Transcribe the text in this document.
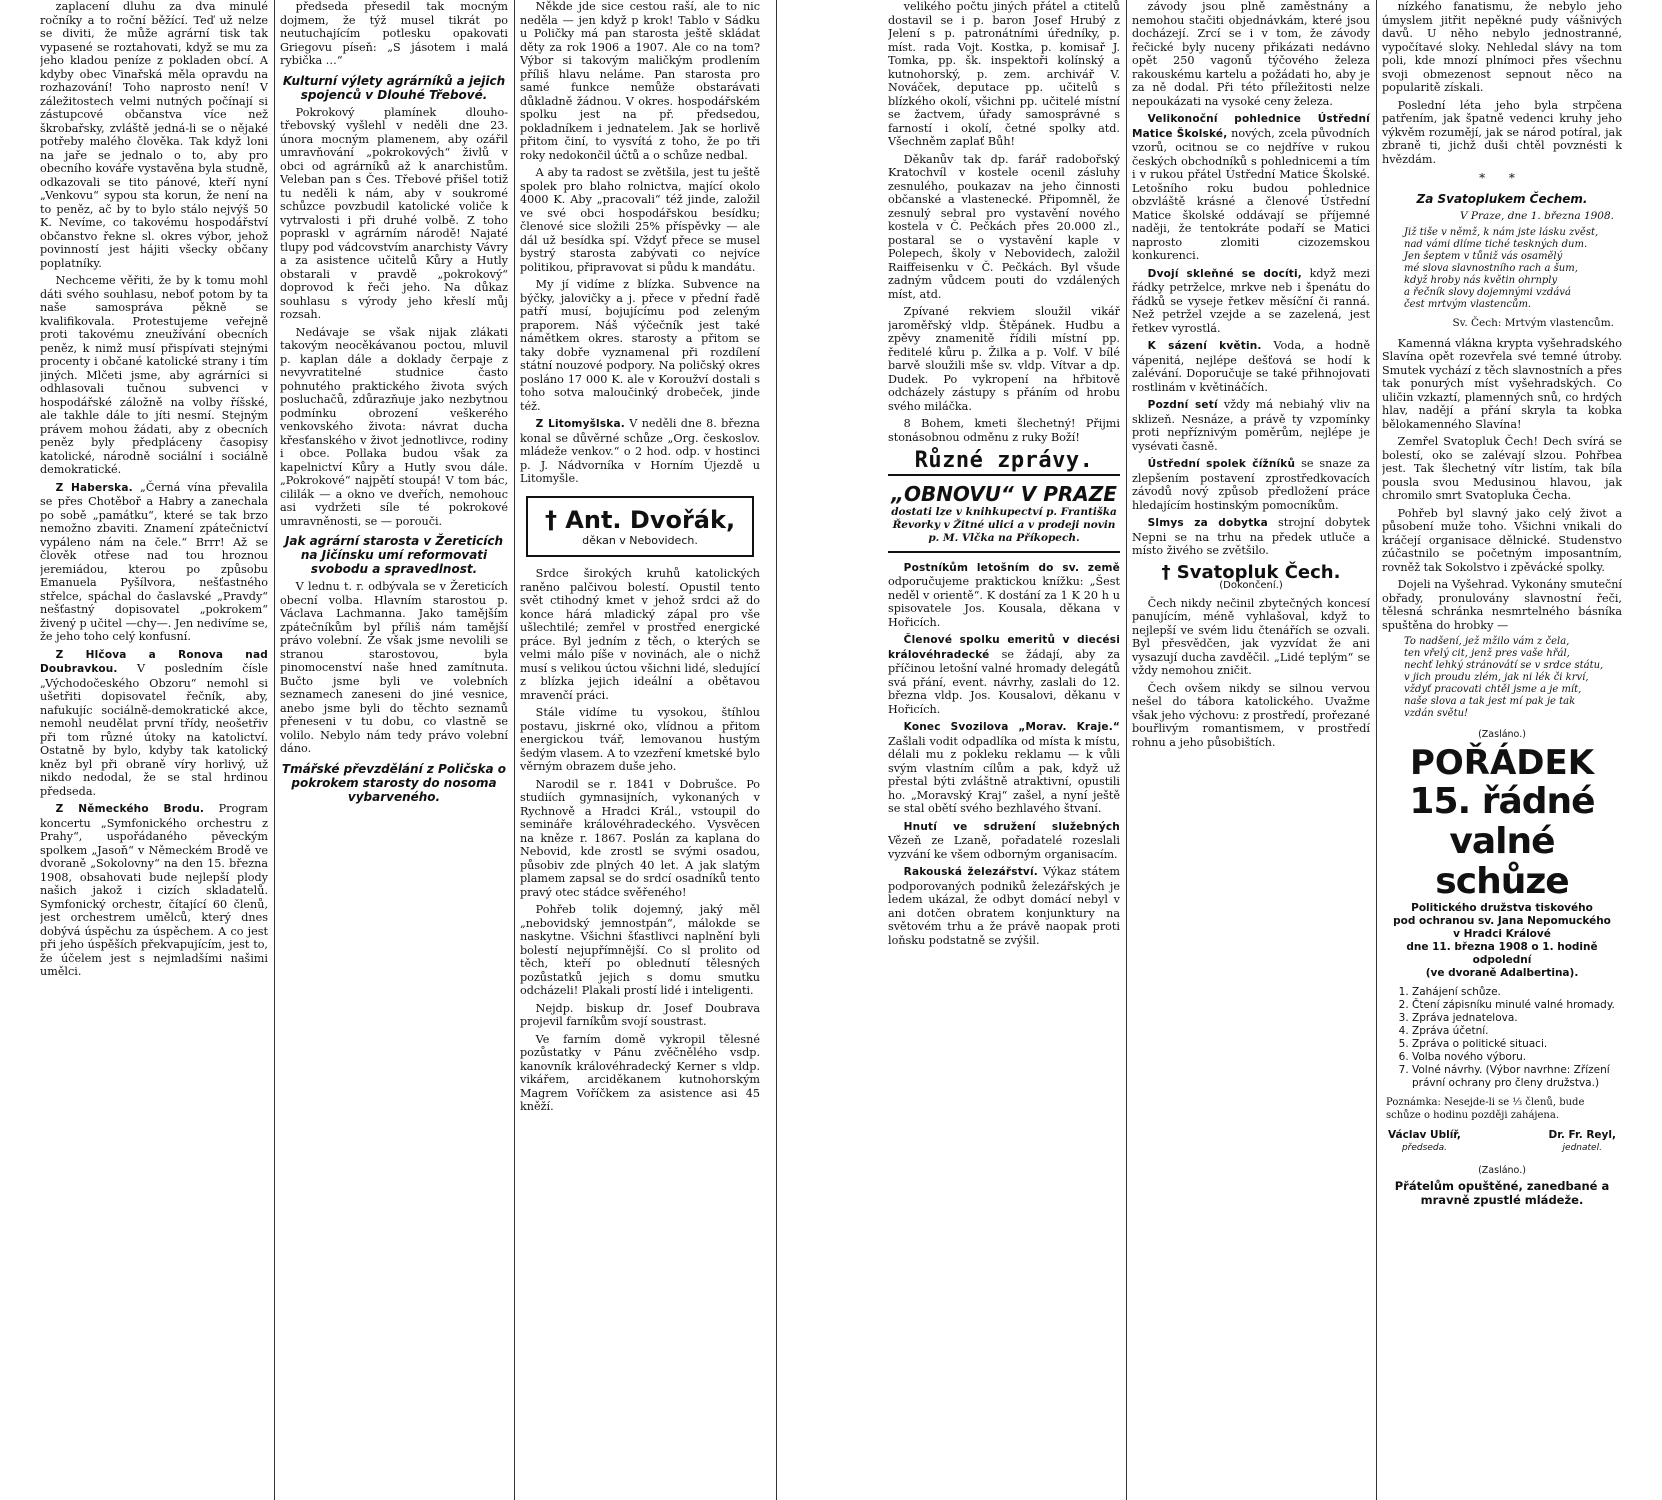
zaplacení dluhu za dva minulé ročníky a to roční běžící. Teď už nelze se diviti, že může agrární tisk tak vypasené se roztahovati, když se mu za jeho kladou peníze z pokladen obcí. A kdyby obec Vinařská měla opravdu na rozhazování! Toho naprosto není! V záležitostech velmi nutných počínají si zástupcové občanstva více než škrobařsky, zvláště jedná-li se o nějaké potřeby malého člověka. Tak když loni na jaře se jednalo o to, aby pro obecního kováře vystavěna byla studně, odkazovali se tito pánové, kteří nyní „Venkovu“ sypou sta korun, že není na to peněz, ač by to bylo stálo nejvýš 50 K. Nevíme, co takovému hospodářství občanstvo řekne sl. okres výbor, jehož povinností jest hájiti všecky občany poplatníky.

Nechceme věřiti, že by k tomu mohl dáti svého souhlasu, neboť potom by ta naše samospráva pěkně se kvalifikovala. Protestujeme veřejně proti takovému zneužívání obecních peněz, k nimž musí přispívati stejnými procenty i občané katolické strany i tím jiných. Mlčeti jsme, aby agrárníci si odhlasovali tučnou subvenci v hospodářské záložně na volby říšské, ale takhle dále to jíti nesmí. Stejným právem mohou žádati, aby z obecních peněz byly předpláceny časopisy katolické, národně sociální i sociálně demokratické.

Z Haberska. „Černá vína převalila se přes Chotěboř a Habry a zanechala po sobě „památku“, které se tak brzo nemožno zbaviti. Znamení zpátečnictví vypáleno nám na čele.“ Brrr! Až se člověk otřese nad tou hroznou jeremiádou, kterou po způsobu Emanuela Pyšílvora, nešťastného střelce, spáchal do časlavské „Pravdy“ nešťastný dopisovatel „pokrokem“ živený p učitel —chy—. Jen nedivíme se, že jeho toho celý konfusní.

Z Hlčova a Ronova nad Doubravkou. V posledním čísle „Východočeského Obzoru“ nemohl si ušetřiti dopisovatel řečník, aby, nafukujíc sociálně-demokratické akce, nemohl neudělat první třídy, neošetřiv při tom různé útoky na katolictví. Ostatně by bylo, kdyby tak katolický kněz byl při obraně víry horlivý, už nikdo nedodal, že se stal hrdinou předseda.

Z Německého Brodu. Program koncertu „Symfonického orchestru z Prahy“, uspořádaného pěveckým spolkem „Jasoň“ v Německém Brodě ve dvoraně „Sokolovny“ na den 15. března 1908, obsahovati bude nejlepší plody našich jakož i cizích skladatelů. Symfonický orchestr, čítající 60 členů, jest orchestrem umělců, který dnes dobývá úspěchu za úspěchem. A co jest při jeho úspěších překvapujícím, jest to, že účelem jest s nejmladšími našimi umělci.

předseda přesedil tak mocným dojmem, že týž musel tikrát po neutuchajícím potlesku opakovati Griegovu píseň: „S jásotem i malá rybička …“

Kulturní výlety agrárníků a jejich spojenců v Dlouhé Třebové.

Pokrokový plamínek dlouho-třebovský vyšlehl v neděli dne 23. února mocným plamenem, aby ozářil umravňování „pokrokových“ živlů v obci od agrárníků až k anarchistům. Veleban pan s Čes. Třebové přišel totiž tu neděli k nám, aby v soukromé schůzce povzbudil katolické voliče k vytrvalosti i při druhé volbě. Z toho popraskl v agrárním národě! Najaté tlupy pod vádcovstvím anarchisty Vávry a za asistence učitelů Kůry a Hutly obstarali v pravdě „pokrokový“ doprovod k řeči jeho. Na důkaz souhlasu s výrody jeho křeslí můj rozsah.

Nedávaje se však nijak zlákati takovým neocěkávanou poctou, mluvil p. kaplan dále a doklady čerpaje z nevyvratitelné studnice často pohnutého praktického života svých posluchačů, zdůrazňuje jako nezbytnou podmínku obrození veškerého venkovského života: návrat ducha křesťanského v život jednotlivce, rodiny i obce. Pollaka budou však za kapelnictví Kůry a Hutly svou dále. „Pokrokové“ najpětí stoupá! V tom bác, cililák — a okno ve dveřích, nemohouc asi vydržeti síle té pokrokové umravněnosti, se — porouči.

Jak agrární starosta v Žereticích na Jičínsku umí reformovati svobodu a spravedlnost.

V lednu t. r. odbývala se v Žereticích obecní volba. Hlavním starostou p. Václava Lachmanna. Jako tamějším zpátečníkům byl příliš nám tamější právo volební. Že však jsme nevolili se stranou starostovou, byla pinomocenství naše hned zamítnuta. Bučto jsme byli ve volebních seznamech zaneseni do jiné vesnice, anebo jsme byli do těchto seznamů přeneseni v tu dobu, co vlastně se volilo. Nebylo nám tedy právo volební dáno.

Tmářské převzdělání z Poličska o pokrokem starosty do nosoma vybarveného.

Někde jde sice cestou raší, ale to nic neděla — jen když p krok! Tablo v Sádku u Poličky má pan starosta ještě skládat děty za rok 1906 a 1907. Ale co na tom? Výbor si takovým maličkým prodlením příliš hlavu neláme. Pan starosta pro samé funkce nemůže obstarávati důkladně žádnou. V okres. hospodářském spolku jest na př. předsedou, pokladníkem i jednatelem. Jak se horlivě přitom činí, to vysvítá z toho, že po tři roky nedokončil účtů a o schůze nedbal.

A aby ta radost se zvětšila, jest tu ještě spolek pro blaho rolnictva, mající okolo 4000 K. Aby „pracovali“ též jinde, založil ve své obci hospodářskou besídku; členové sice složili 25% příspěvky — ale dál už besídka spí. Vždyť přece se musel bystrý starosta zabývati co nejvíce politikou, připravovat si půdu k mandátu.

My jí vidíme z blízka. Subvence na býčky, jalovičky a j. přece v přední řadě patří musí, bojujícímu pod zeleným praporem. Náš výčečník jest také námětkem okres. starosty a přitom se taky dobře vyznamenal při rozdílení státní nouzové podpory. Na poličský okres posláno 17 000 K. ale v Koroužví dostali s toho sotva maloučinký drobeček, jinde též.

Z Litomyšlska. V neděli dne 8. března konal se důvěrné schůze „Org. českoslov. mládeže venkov.“ o 2 hod. odp. v hostinci p. J. Nádvorníka v Horním Újezdě u Litomyšle.

† Ant. Dvořák,
děkan v Nebovidech.

Srdce širokých kruhů katolických raněno palčivou bolestí. Opustil tento svět ctihodný kmet v jehož srdci až do konce hárá mladický zápal pro vše ušlechtilé; zemřel v prostřed energické práce. Byl jedním z těch, o kterých se velmi málo píše v novinách, ale o nichž musí s velikou úctou všichni lidé, sledující z blízka jejich ideální a obětavou mravenčí práci.

Stále vidíme tu vysokou, štíhlou postavu, jiskrné oko, vlídnou a přitom energickou tvář, lemovanou hustým šedým vlasem. A to vzezření kmetské bylo věrným obrazem duše jeho.

Narodil se r. 1841 v Dobrušce. Po studiích gymnasijních, vykonaných v Rychnově a Hradci Král., vstoupil do semináře královéhradeckého. Vysvěcen na kněze r. 1867. Poslán za kaplana do Nebovid, kde zrostl se svými osadou, působiv zde plných 40 let. A jak slatým plamem zapsal se do srdcí osadníků tento pravý otec stádce svěřeného!

Pohřeb tolik dojemný, jaký měl „nebovidský jemnostpán“, málokde se naskytne. Všichni šťastlivci naplnění byli bolestí nejupřímnější. Co sl prolito od těch, kteří po oblednutí tělesných pozůstatků jejich s domu smutku odcházeli! Plakali prostí lidé i inteligenti.

Nejdp. biskup dr. Josef Doubrava projevil farníkům svojí soustrast.

Ve farním domě vykropil tělesné pozůstatky v Pánu zvěčnělého vsdp. kanovník královéhradecký Kerner s vldp. vikářem, arciděkanem kutnohorským Magrem Voříčkem za asistence asi 45 kněží.

velikého počtu jiných přátel a ctitelů dostavil se i p. baron Josef Hrubý z Jelení s p. patronátními úředníky, p. míst. rada Vojt. Kostka, p. komisař J. Tomka, pp. šk. inspektoři kolínský a kutnohorský, p. zem. archivář V. Nováček, deputace pp. učitelů s blízkého okolí, všichni pp. učitelé místní se žactvem, úřady samosprávné s farností i okolí, četné spolky atd. Všechněm zaplať Bůh!

Děkanův tak dp. farář radobořský Kratochvíl v kostele ocenil zásluhy zesnulého, poukazav na jeho činnosti občanské a vlastenecké. Připomněl, že zesnulý sebral pro vystavění nového kostela v Č. Pečkách přes 20.000 zl., postaral se o vystavění kaple v Polepech, školy v Nebovidech, založil Raiffeisenku v Č. Pečkách. Byl všude zadným vůdcem pouti do vzdálených míst, atd.

Zpívané rekviem sloužil vikář jaroměřský vldp. Štěpánek. Hudbu a zpěvy znamenitě řídili místní pp. ředitelé kůru p. Žilka a p. Volf. V bílé barvě sloužili mše sv. vldp. Vítvar a dp. Dudek. Po vykropení na hřbitově odcházely zástupy s přáním od hrobu svého miláčka.

8 Bohem, kmeti šlechetný! Přijmi stonásobnou odměnu z ruky Boží!

Různé zprávy.
„OBNOVU“ V PRAZE
dostati lze v knihkupectví p. Františka Řevorky v Žitné ulici a v prodeji novin p. M. Vlčka na Příkopech.

Postníkům letošním do sv. země odporučujeme praktickou knížku: „Šest neděl v orientě“. K dostání za 1 K 20 h u spisovatele Jos. Kousala, děkana v Hořicích.

Členové spolku emeritů v diecési královéhradecké se žádají, aby za příčinou letošní valné hromady delegátů svá přání, event. návrhy, zaslali do 12. března vldp. Jos. Kousalovi, děkanu v Hořicích.

Konec Svozilova „Morav. Kraje.“ Zašlali vodit odpadlíka od místa k místu, délali mu z pokleku reklamu — k vůli svým vlastním cílům a pak, když už přestal býti zvláštně atraktivní, opustili ho. „Moravský Kraj“ zašel, a nyní ještě se stal obětí svého bezhlavého štvaní.

Hnutí ve sdružení služebných Vězeň ze Lzaně, pořadatelé rozeslali vyzvání ke všem odborným organisacím.

Rakouská železářství. Výkaz státem podporovaných podniků železářských je ledem ukázal, že odbyt domácí nebyl v ani dotčen obratem konjunktury na světovém trhu a že právě naopak proti loňsku podstatně se zvýšil.

závody jsou plně zaměstnány a nemohou stačiti objednávkám, které jsou docházejí. Zrcí se i v tom, že závody řečické byly nuceny přikázati nedávno opět 250 vagonů týčového železa rakouskému kartelu a požádati ho, aby je za ně dodal. Při této příležitosti nelze nepoukázati na vysoké ceny železa.

Velikonoční pohlednice Ústřední Matice Školské, nových, zcela původních vzorů, ocitnou se co nejdříve v rukou českých obchodníků s pohlednicemi a tím i v rukou přátel Ústřední Matice Školské. Letošního roku budou pohlednice obzvláště krásné a členové Ústřední Matice školské oddávají se příjemné naději, že tentokráte podaří se Matici naprosto zlomiti cizozemskou konkurenci.

Dvojí skleňné se docíti, když mezi řádky petrželce, mrkve neb i špenátu do řádků se vyseje řetkev měsíční či ranná. Než petržel vzejde a se zazelená, jest řetkev vyrostlá.

K sázení květin. Voda, a hodně vápenitá, nejlépe dešťová se hodí k zalévání. Doporučuje se také přihnojovati rostlinám v květináčích.

Pozdní setí vždy má nebiahý vliv na sklizeň. Nesnáze, a právě ty vzpomínky proti nepříznivým poměrům, nejlépe je vysévati časně.

Ústřední spolek čížníků se snaze za zlepšením postavení zprostředkovacích závodů nový způsob předložení práce hledajícím hostinským pomocníkům.

Slmys za dobytka strojní dobytek Nepni se na trhu na předek utluče a místo živého se zvětšilo.

† Svatopluk Čech.
(Dokončení.)

Čech nikdy nečinil zbytečných koncesí panujícím, méně vyhlašoval, když to nejlepší ve svém lidu čtenářích se ozvali. Byl přesvědčen, jak vyzvídat že ani vysazují ducha zavděčil. „Lidé teplým“ se vždy nemohou zničit.

Čech ovšem nikdy se silnou vervou nešel do tábora katolického. Uvažme však jeho výchovu: z prostředí, prořezané bouřlivým romantismem, v prostředí rohnu a jeho působištích.

nízkého fanatismu, že nebylo jeho úmyslem jitřit nepěkné pudy vášnivých davů. U něho nebylo jednostranné, vypočítavé sloky. Nehledal slávy na tom poli, kde mnozí plnímoci přes všechnu svoji obmezenost sepnout něco na popularitě získali.

Poslední léta jeho byla strpčena patřením, jak špatně vedenci kruhy jeho výkvěm rozumějí, jak se národ potíral, jak zbraně ti, jichž duši chtěl povznésti k hvězdám.

* *
Za Svatoplukem Čechem.
V Praze, dne 1. března 1908.
Již tiše v němž, k nám jste lásku zvěst,
nad vámi dlíme tiché teskných dum.
Jen šeptem v tůniž vás osamělý
mé slova slavnostního rach a šum,
když hroby nás květin ohrnply
a řečník slovy dojemnými vzdává
čest mrtvým vlastencům.
Sv. Čech: Mrtvým vlastencům.

Kamenná vlákna krypta vyšehradského Slavína opět rozevřela své temné útroby. Smutek vychází z těch slavnostních a přes tak ponurých míst vyšehradských. Co uličin vzkaztí, plamenných snů, co hrdých hlav, nadějí a přání skryla ta kobka bělokamenného Slavína!

Zemřel Svatopluk Čech! Dech svírá se bolestí, oko se zalévají slzou. Pohřbea jest. Tak šlechetný vítr listím, tak bíla pousla svou Medusinou hlavou, jak chromilo smrt Svatopluka Čecha.

Pohřeb byl slavný jako celý život a působení muže toho. Všichni vnikali do kráčejí organisace dělnické. Studenstvo zúčastnilo se početným imposantním, rovněž tak Sokolstvo i zpěvácké spolky.

Dojeli na Vyšehrad. Vykonány smuteční obřady, pronulovány slavnostní řeči, tělesná schránka nesmrtelného básníka spuštěna do hrobky —

To nadšení, jež mžilo vám z čela,
ten vřelý cit, jenž pres vaše hřál,
nechť lehký stránovátí se v srdce státu,
v jich proudu zlém, jak ni lék či krví,
vždyť pracovati chtěl jsme a je mít,
naše slova a tak jest mí pak je tak
vzdán světu!
(Zasláno.)
POŘÁDEK
15. řádné valné schůze
Politického družstva tiskového
pod ochranou sv. Jana Nepomuckého
v Hradci Králové
dne 11. března 1908 o 1. hodině odpolední
(ve dvoraně Adalbertina).
1. Zahájení schůze.
2. Čtení zápisníku minulé valné hromady.
3. Zpráva jednatelova.
4. Zpráva účetní.
5. Zpráva o politické situaci.
6. Volba nového výboru.
7. Volné návrhy. (Výbor navrhne: Zřízení právní ochrany pro členy družstva.)
Poznámka: Nesejde-li se ⅓ členů, bude schůze o hodinu později zahájena.
Václav Ublíř,
předseda.
Dr. Fr. Reyl,
jednatel.
(Zasláno.)
Přátelům opuštěné, zanedbané a mravně zpustlé mládeže.
